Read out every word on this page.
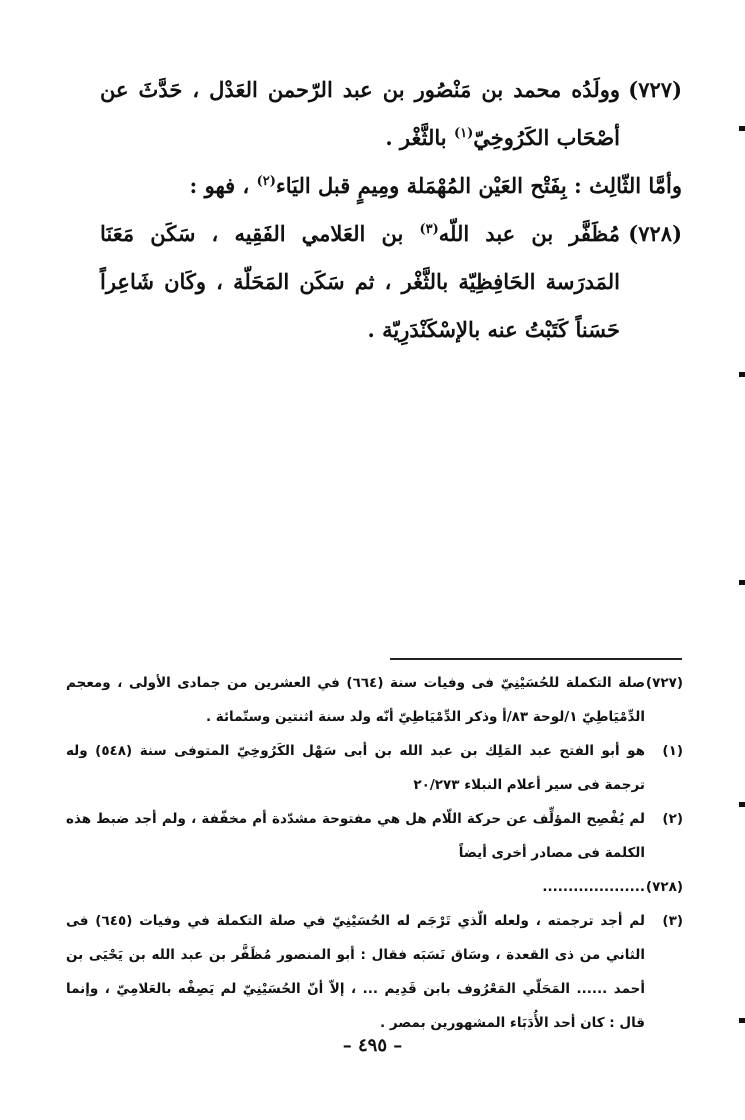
(٧٢٧)
وولَدُه محمد بن مَنْصُور بن عبد الرّحمن العَدْل ، حَدَّثَ عن أصْحَاب الكَرُوخِيّ$^{(١)}$ بالثَّغْر .
وأمَّا الثّالِث : بِفَتْح العَيْن المُهْمَلة ومِيمٍ قبل اليَاء$^{(٢)}$ ، فهو :
(٧٢٨)
مُظَفَّر بن عبد اللّه$^{(٣)}$ بن العَلامي الفَقِيه ، سَكَن مَعَنَا المَدرَسة الحَافِظِيّة بالثَّغْر ، ثم سَكَن المَحَلّة ، وكَان شَاعِراً حَسَناً كَتَبْتُ عنه بالإسْكَنْدَرِيّة .
(٧٢٧)
صلة التكملة للحُسَيْنِيّ فى وفيات سنة (٦٦٤) في العشرين من جمادى الأولى ، ومعجم الدِّمْيَاطِيّ ١/لوحة ٨٣/أ وذكر الدِّمْيَاطِيّ أنّه ولد سنة اثنتين وستّمائة .
(١)
هو أبو الفتح عبد المَلِك بن عبد الله بن أبى سَهْل الكَرُوخِيّ المتوفى سنة (٥٤٨) وله ترجمة فى سير أعلام النبلاء ٢٠/٢٧٣
(٢)
لم يُفْصِح المؤلِّف عن حركة اللّام هل هي مفتوحة مشدّدة أم مخفّفة ، ولم أجد ضبط هذه الكلمة فى مصادر أخرى أيضاً
(٧٢٨)
....................
(٣)
لم أجد ترجمته ، ولعله الّذي تَرْجَم له الحُسَيْنِيّ في صلة التكملة في وفيات (٦٤٥) فى الثاني من ذى القعدة ، وسَاق نَسَبَه فقال : أبو المنصور مُظَفَّر بن عبد الله بن يَحْيَى بن أحمد ...... المَحَلّي المَعْرُوف بابن قَدِيم ... ، إلاّ أنّ الحُسَيْنِيّ لم يَصِفْه بالعَلامِيّ ، وإنما قال : كان أحد الأُدَبَاء المشهورين بمصر .
– ٤٩٥ –
